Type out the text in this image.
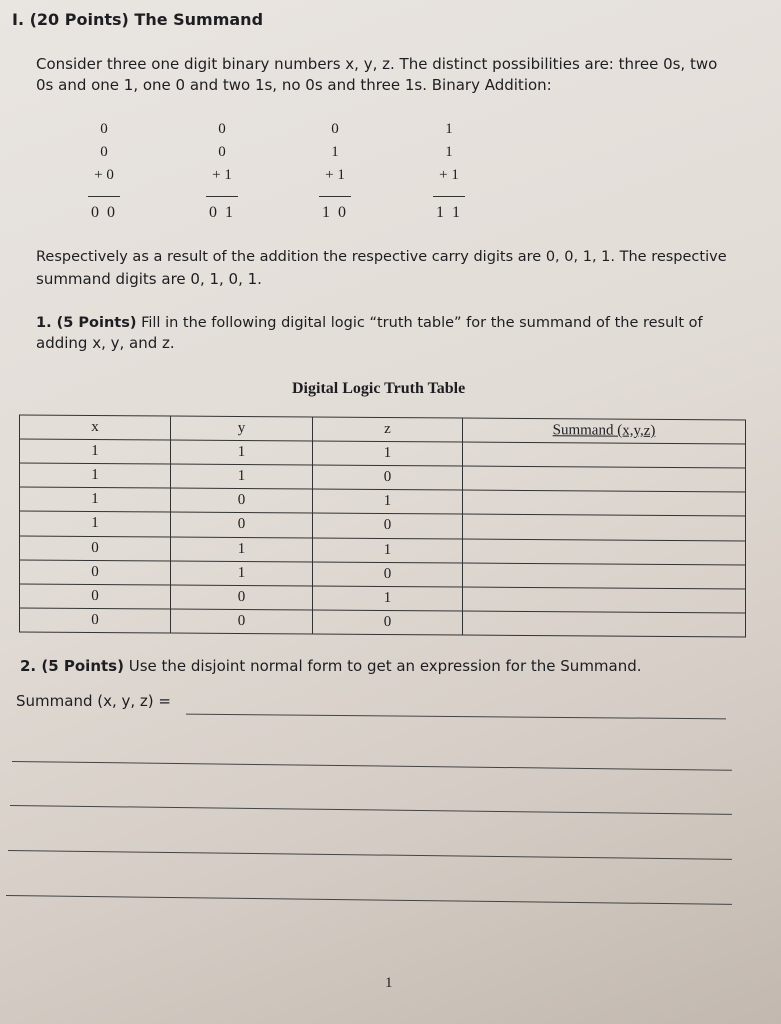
I. (20 Points) The Summand
Consider three one digit binary numbers x, y, z. The distinct possibilities are: three 0s, two
0s and one 1, one 0 and two 1s, no 0s and three 1s. Binary Addition:
0
0
+ 0
0 0
0
0
+ 1
0 1
0
1
+ 1
1 0
1
1
+ 1
1 1
Respectively as a result of the addition the respective carry digits are 0, 0, 1, 1. The respective
summand digits are 0, 1, 0, 1.
1. (5 Points) Fill in the following digital logic “truth table” for the summand of the result of
adding x, y, and z.
Digital Logic Truth Table
x	y	z	Summand (x,y,z)
1	1	1	
1	1	0	
1	0	1	
1	0	0	
0	1	1	
0	1	0	
0	0	1	
0	0	0	
2. (5 Points) Use the disjoint normal form to get an expression for the Summand.
Summand (x, y, z) =
1
